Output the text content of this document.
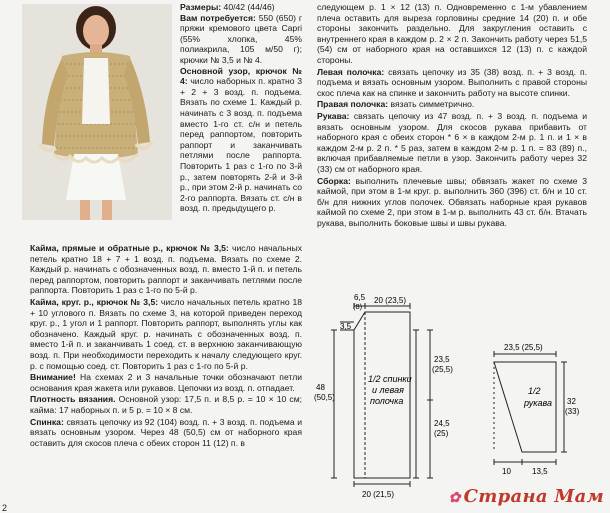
Размеры: 40/42 (44/46)
Вам потребуется: 550 (650) г пряжи кремового цвета Capri (55% хлопка, 45% полиакрила, 105 м/50 г); крючки № 3,5 и № 4.
Основной узор, крючок № 4: число наборных п. кратно 3 + 2 + 3 возд. п. подъема. Вязать по схеме 1. Каждый р. начинать с 3 возд. п. подъема вместо 1-го ст. с/н и петель перед раппортом, повторить раппорт и заканчивать петлями после раппорта. Повторить 1 раз с 1-го по 3-й р., затем повторять 2-й и 3-й р., при этом 2-й р. начинать со 2-го раппорта. Вязать ст. с/н в возд. п. предыдущего р.

Кайма, прямые и обратные р., крючок № 3,5: число начальных петель кратно 18 + 7 + 1 возд. п. подъема. Вязать по схеме 2. Каждый р. начинать с обозначенных возд. п. вместо 1-й п. и петель перед раппортом, повторить раппорт и заканчивать петлями после раппорта. Повторить 1 раз с 1-го по 5-й р.

Кайма, круг. р., крючок № 3,5: число начальных петель кратно 18 + 10 углового п. Вязать по схеме 3, на которой приведен переход круг. р., 1 угол и 1 раппорт. Повторить раппорт, выполнять углы как обозначено. Каждый круг. р. начинать с обозначенных возд. п. вместо 1-й п. и заканчивать 1 соед. ст. в верхнюю заканчивающую возд. п. При необходимости переходить к началу следующего круг. р. с помощью соед. ст. Повторить 1 раз с 1-го по 5-й р.

Внимание! На схемах 2 и 3 начальные точки обозначают петли основания края жакета или рукавов. Цепочки из возд. п. отпадает.

Плотность вязания. Основной узор: 17,5 п. и 8,5 р. = 10 × 10 см; кайма: 17 наборных п. и 5 р. = 10 × 8 см.

Спинка: связать цепочку из 92 (104) возд. п. + 3 возд. п. подъема и вязать основным узором. Через 48 (50,5) см от наборного края оставить для скосов плеча с обеих сторон 11 (12) п. в

следующем р. 1 × 12 (13) п. Одновременно с 1-м убавлением плеча оставить для выреза горловины средние 14 (20) п. и обе стороны закончить раздельно. Для закругления оставить с внутреннего края в каждом р. 2 × 2 п. Закончить работу через 51,5 (54) см от наборного края на оставшихся 12 (13) п. с каждой стороны.

Левая полочка: связать цепочку из 35 (38) возд. п. + 3 возд. п. подъема и вязать основным узором. Выполнить с правой стороны скос плеча как на спинке и закончить работу на высоте спинки.

Правая полочка: вязать симметрично.

Рукава: связать цепочку из 47 возд. п. + 3 возд. п. подъема и вязать основным узором. Для скосов рукава прибавить от наборного края с обеих сторон * 6 × в каждом 2-м р. 1 п. и 1 × в каждом 2-м р. 2 п. * 5 раз, затем в каждом 2-м р. 1 п. = 83 (89) п., включая прибавляемые петли в узор. Закончить работу через 32 (33) см от наборного края.

Сборка: выполнить плечевые швы; обвязать жакет по схеме 3 каймой, при этом в 1-м круг. р. выполнить 360 (396) ст. б/н и 10 ст. б/н для нижних углов полочек. Обвязать наборные края рукавов каймой по схеме 2, при этом в 1-м р. выполнить 43 ст. б/н. Втачать рукава, выполнить боковые швы и швы рукава.

6,5
(8)
20 (23,5)
3,5
23,5
(25,5)
48
(50,5)
24,5
(25)
1/2 спинки
и левая
полочка
20 (21,5)
23,5 (25,5)
32
(33)
1/2
рукава
10	13,5
2
✿ Страна Мам
